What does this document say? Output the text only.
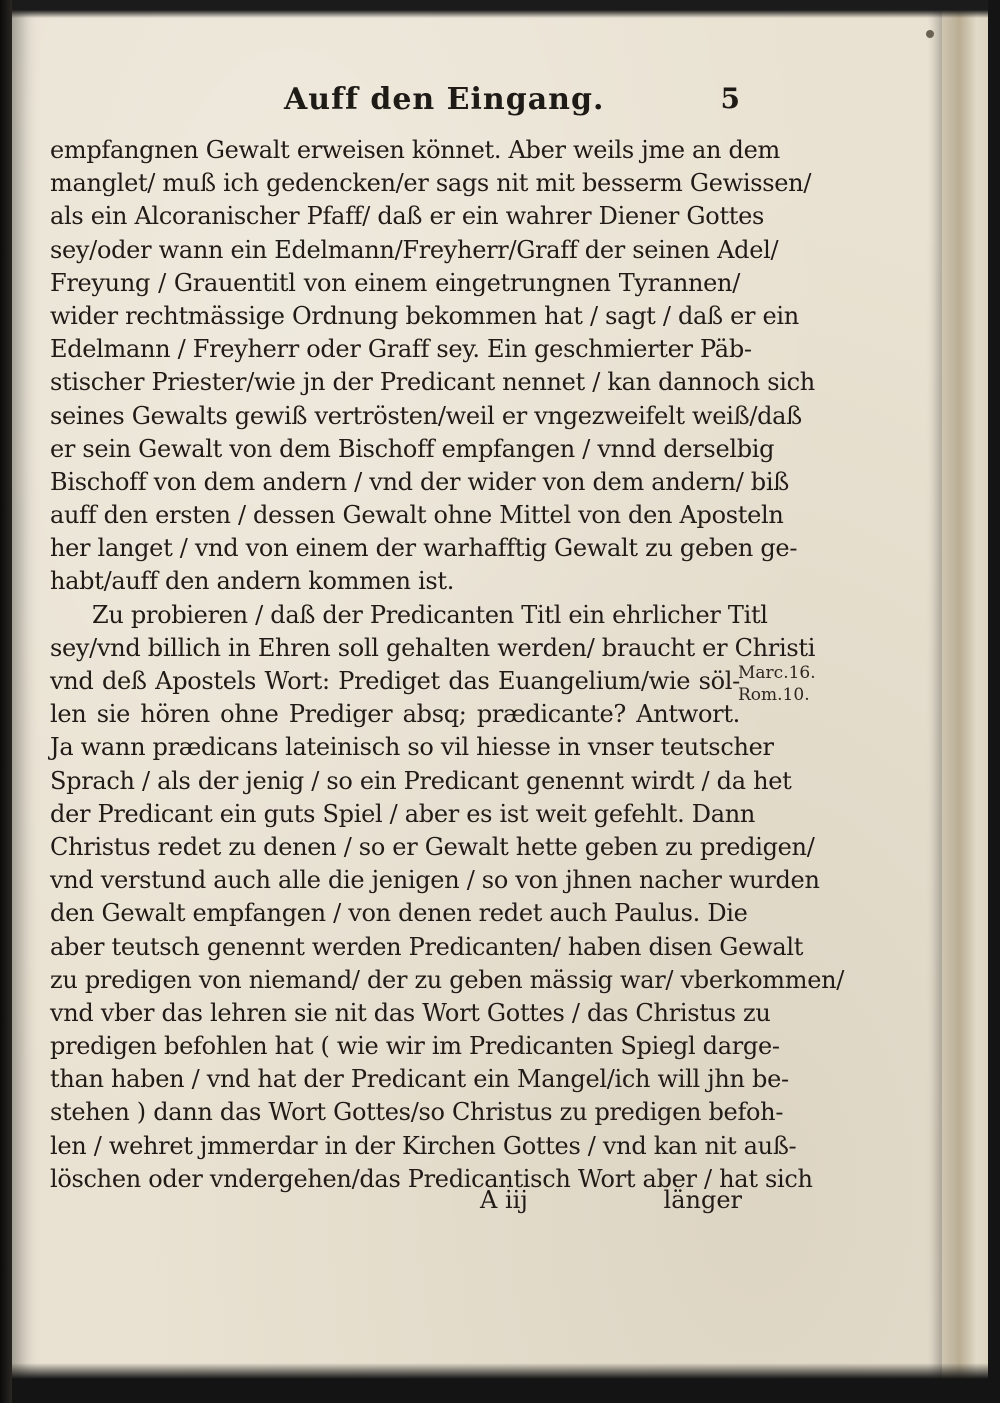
Auff den Eingang.	5
empfangnen Gewalt erweisen könnet. Aber weils jme an dem
manglet/ muß ich gedencken/er sags nit mit besserm Gewissen/
als ein Alcoranischer Pfaff/ daß er ein wahrer Diener Gottes
sey/oder wann ein Edelmann/Freyherr/Graff der seinen Adel/
Freyung / Grauentitl von einem eingetrungnen Tyrannen/
wider rechtmässige Ordnung bekommen hat / sagt / daß er ein
Edelmann / Freyherr oder Graff sey. Ein geschmierter Päb-
stischer Priester/wie jn der Predicant nennet / kan dannoch sich
seines Gewalts gewiß vertrösten/weil er vngezweifelt weiß/daß
er sein Gewalt von dem Bischoff empfangen / vnnd derselbig
Bischoff von dem andern / vnd der wider von dem andern/ biß
auff den ersten / dessen Gewalt ohne Mittel von den Aposteln
her langet / vnd von einem der warhafftig Gewalt zu geben ge-
habt/auff den andern kommen ist.
Zu probieren / daß der Predicanten Titl ein ehrlicher Titl
sey/vnd billich in Ehren soll gehalten werden/ braucht er Christi
vnd deß Apostels Wort: Prediget das Euangelium/wie söl-
len sie hören ohne Prediger absq; prædicante? Antwort.
Ja wann prædicans lateinisch so vil hiesse in vnser teutscher
Sprach / als der jenig / so ein Predicant genennt wirdt / da het
der Predicant ein guts Spiel / aber es ist weit gefehlt. Dann
Christus redet zu denen / so er Gewalt hette geben zu predigen/
vnd verstund auch alle die jenigen / so von jhnen nacher wurden
den Gewalt empfangen / von denen redet auch Paulus. Die
aber teutsch genennt werden Predicanten/ haben disen Gewalt
zu predigen von niemand/ der zu geben mässig war/ vberkommen/
vnd vber das lehren sie nit das Wort Gottes / das Christus zu
predigen befohlen hat ( wie wir im Predicanten Spiegl darge-
than haben / vnd hat der Predicant ein Mangel/ich will jhn be-
stehen ) dann das Wort Gottes/so Christus zu predigen befoh-
len / wehret jmmerdar in der Kirchen Gottes / vnd kan nit auß-
löschen oder vndergehen/das Predicantisch Wort aber / hat sich
Marc.16.
Rom.10.
A iij	länger
